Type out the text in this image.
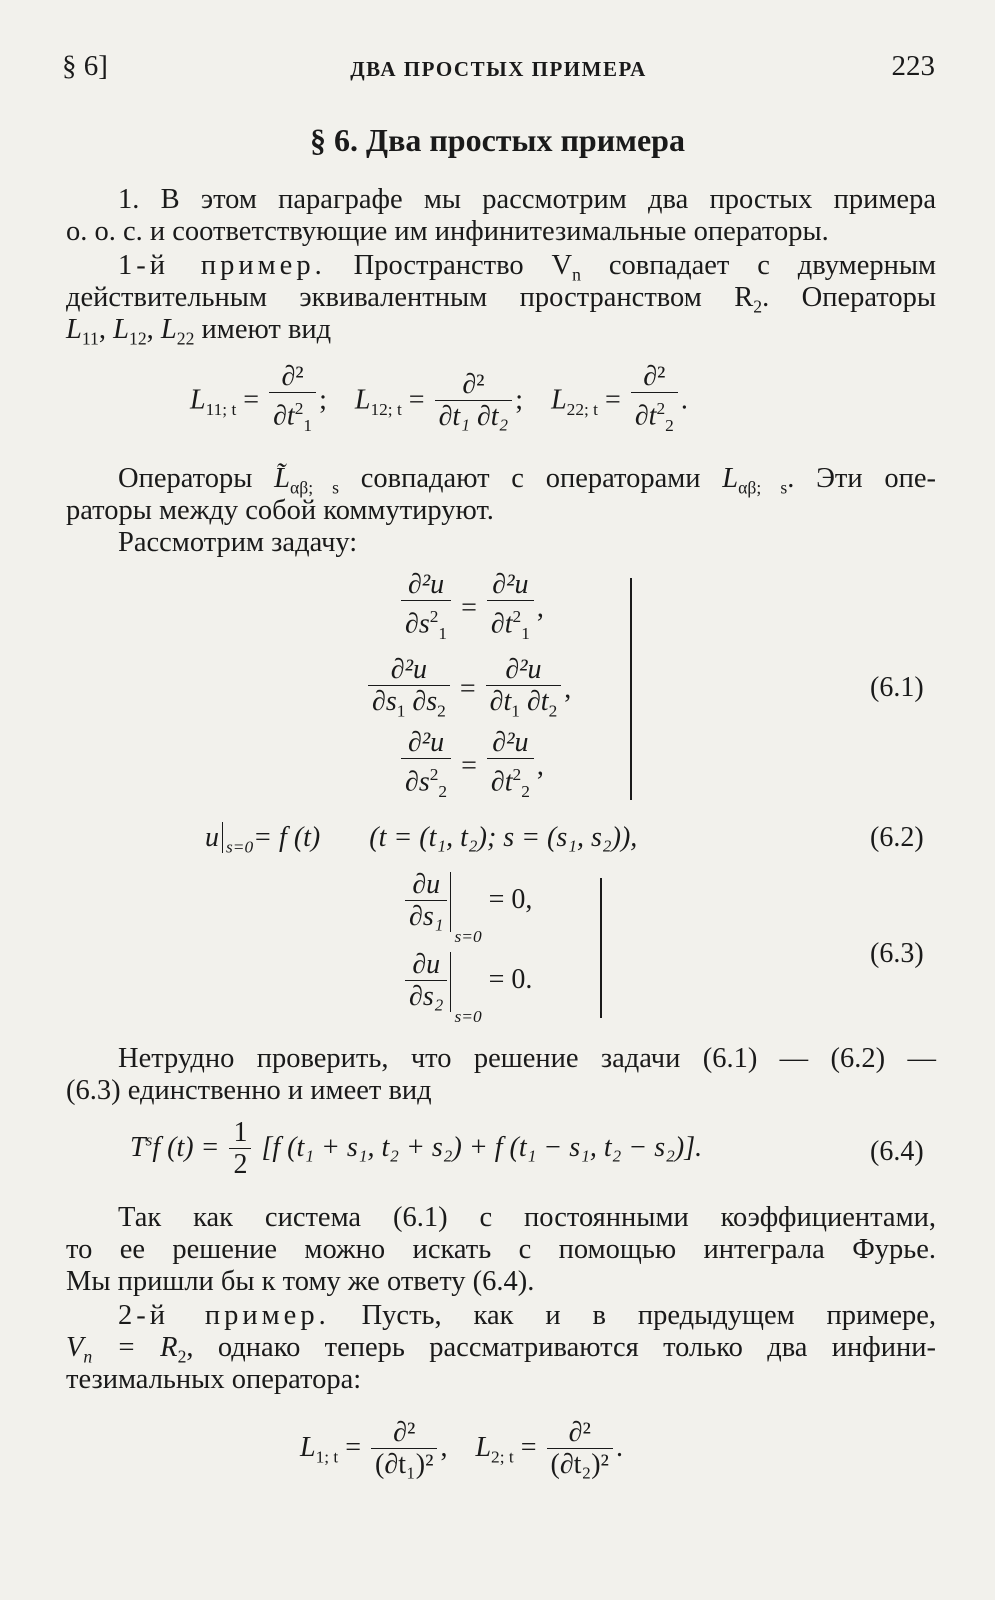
§ 6]	ДВА ПРОСТЫХ ПРИМЕРА	223
§ 6. Два простых примера
1. В этом параграфе мы рассмотрим два простых примера
о. о. с. и соответствующие им инфинитезимальные операторы.
1-й пример. Пространство $V_n$ совпадает с двумерным
действительным эквивалентным пространством $R_2$. Операторы
$L_{11}$, $L_{12}$, $L_{22}$ имеют вид
$L_{11; t} = \frac{\text{∂²}}{\partial t^2_1}$ ;    $L_{12; t} = \frac{\text{∂²}}{\text{∂t₁ ∂t₂}}$ ;    $L_{22; t} = \frac{\text{∂²}}{\partial t^2_2}$ .
Операторы $L̃_{\alpha\beta; s}$ совпадают с операторами $L_{\alpha\beta; s}$. Эти опе-
раторы между собой коммутируют.
Рассмотрим задачу:
$\frac{\text{∂²u}}{\partial s^2_1} = \frac{\text{∂²u}}{\partial t^2_1}$ ,
$\frac{\text{∂²u}}{\partial s_1 \partial s_2} = \frac{\text{∂²u}}{\partial t_1 \partial t_2}$ ,
$\frac{\text{∂²u}}{\partial s^2_2} = \frac{\text{∂²u}}{\partial t^2_2}$ ,
(6.1)
u $_{s=0}$= f (t) (t = (t₁, t₂); s = (s₁, s₂)),	(6.2)
$\frac{\partial u}{\text{∂s₁}}$
$_{s=0}$ = 0,
$\frac{\partial u}{\text{∂s₂}}$
$_{s=0}$ = 0.
(6.3)
Нетрудно проверить, что решение задачи (6.1) — (6.2) —
(6.3) единственно и имеет вид
$T^sf$ $(t) = \frac{1}{2} [f$ (t₁ + s₁, t₂ + s₂) + f (t₁ − s₁, t₂ − s₂)].	(6.4)
Так как система (6.1) с постоянными коэффициентами,
то ее решение можно искать с помощью интеграла Фурье.
Мы пришли бы к тому же ответу (6.4).
2-й пример. Пусть, как и в предыдущем примере,
$V_n = R_2$, однако теперь рассматриваются только два инфини-
тезимальных оператора:
$L_{1; t} = \frac{\text{∂²}}{\text{(∂t₁)²}}$ ,    $L_{2; t} = \frac{\text{∂²}}{\text{(∂t₂)²}}$ .
